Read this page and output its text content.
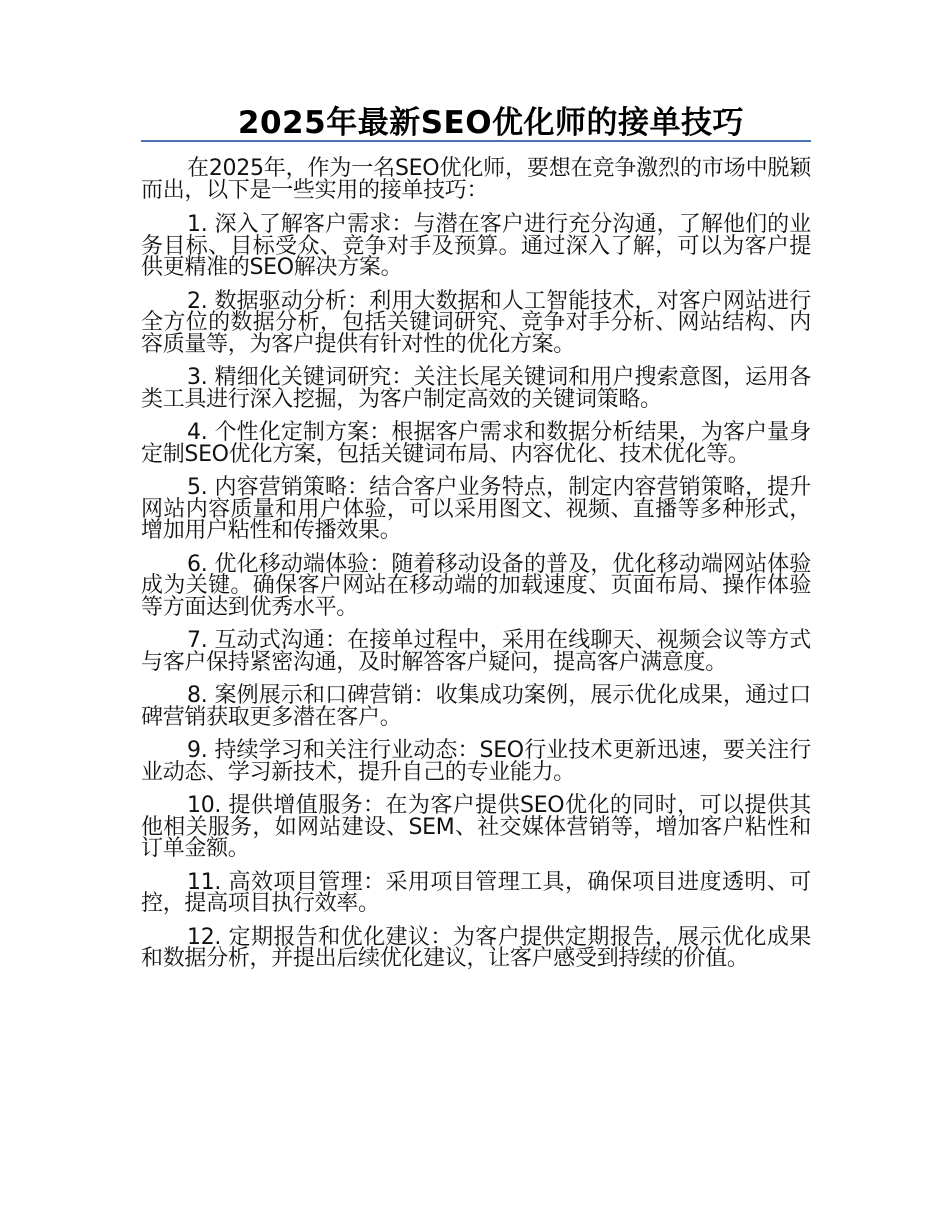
2025年最新SEO优化师的接单技巧

在2025年，作为一名SEO优化师，要想在竞争激烈的市场中脱颖而出，以下是一些实用的接单技巧：

1. 深入了解客户需求：与潜在客户进行充分沟通，了解他们的业务目标、目标受众、竞争对手及预算。通过深入了解，可以为客户提供更精准的SEO解决方案。

2. 数据驱动分析：利用大数据和人工智能技术，对客户网站进行全方位的数据分析，包括关键词研究、竞争对手分析、网站结构、内容质量等，为客户提供有针对性的优化方案。

3. 精细化关键词研究：关注长尾关键词和用户搜索意图，运用各类工具进行深入挖掘，为客户制定高效的关键词策略。

4. 个性化定制方案：根据客户需求和数据分析结果，为客户量身定制SEO优化方案，包括关键词布局、内容优化、技术优化等。

5. 内容营销策略：结合客户业务特点，制定内容营销策略，提升网站内容质量和用户体验，可以采用图文、视频、直播等多种形式，增加用户粘性和传播效果。

6. 优化移动端体验：随着移动设备的普及，优化移动端网站体验成为关键。确保客户网站在移动端的加载速度、页面布局、操作体验等方面达到优秀水平。

7. 互动式沟通：在接单过程中，采用在线聊天、视频会议等方式与客户保持紧密沟通，及时解答客户疑问，提高客户满意度。

8. 案例展示和口碑营销：收集成功案例，展示优化成果，通过口碑营销获取更多潜在客户。

9. 持续学习和关注行业动态：SEO行业技术更新迅速，要关注行业动态、学习新技术，提升自己的专业能力。

10. 提供增值服务：在为客户提供SEO优化的同时，可以提供其他相关服务，如网站建设、SEM、社交媒体营销等，增加客户粘性和订单金额。

11. 高效项目管理：采用项目管理工具，确保项目进度透明、可控，提高项目执行效率。

12. 定期报告和优化建议：为客户提供定期报告，展示优化成果和数据分析，并提出后续优化建议，让客户感受到持续的价值。
